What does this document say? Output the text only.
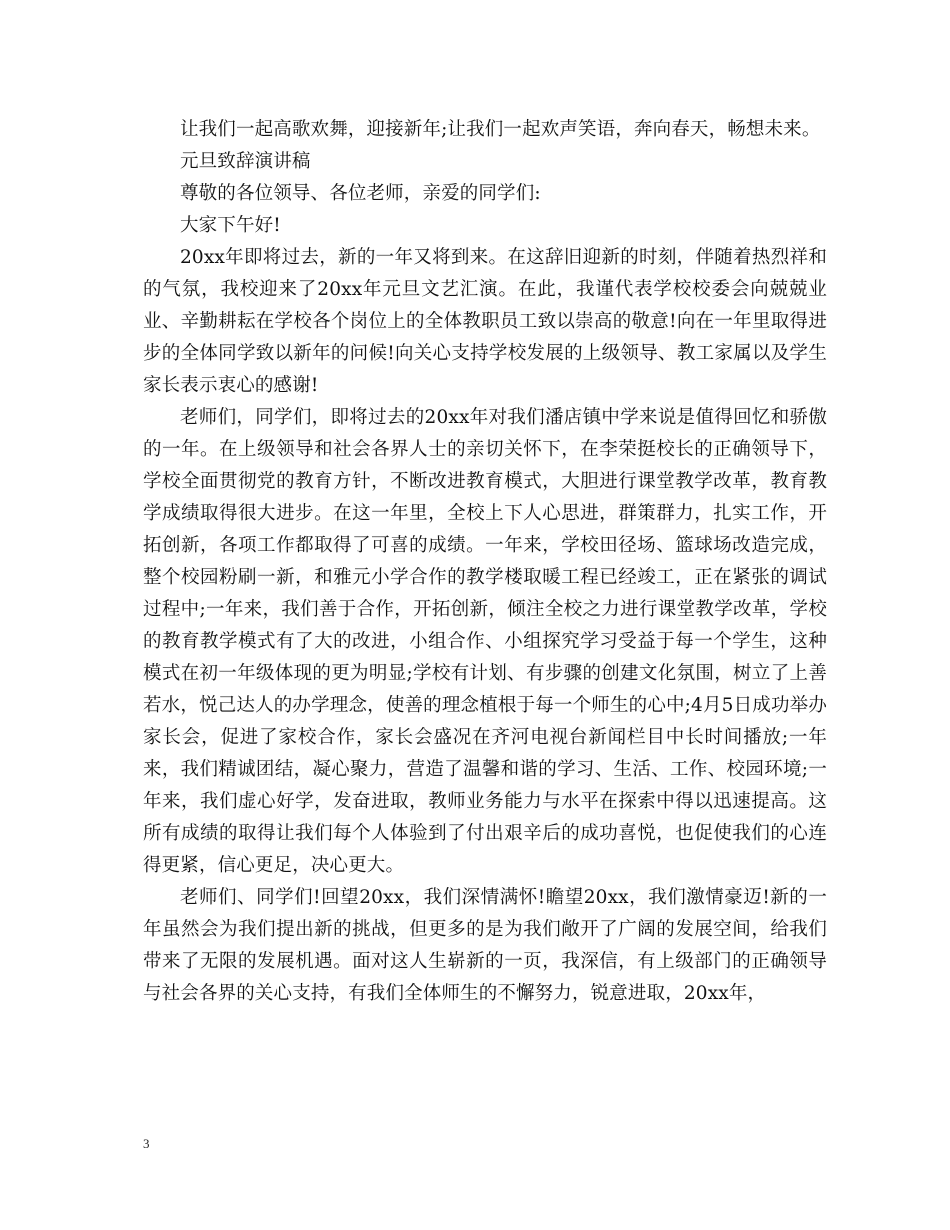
让我们一起高歌欢舞，迎接新年;让我们一起欢声笑语，奔向春天，畅想未来。

元旦致辞演讲稿

尊敬的各位领导、各位老师，亲爱的同学们:

大家下午好!

20xx年即将过去，新的一年又将到来。在这辞旧迎新的时刻，伴随着热烈祥和的气氛，我校迎来了20xx年元旦文艺汇演。在此，我谨代表学校校委会向兢兢业业、辛勤耕耘在学校各个岗位上的全体教职员工致以崇高的敬意!向在一年里取得进步的全体同学致以新年的问候!向关心支持学校发展的上级领导、教工家属以及学生家长表示衷心的感谢!

老师们，同学们，即将过去的20xx年对我们潘店镇中学来说是值得回忆和骄傲的一年。在上级领导和社会各界人士的亲切关怀下，在李荣挺校长的正确领导下，学校全面贯彻党的教育方针，不断改进教育模式，大胆进行课堂教学改革，教育教学成绩取得很大进步。在这一年里，全校上下人心思进，群策群力，扎实工作，开拓创新，各项工作都取得了可喜的成绩。一年来，学校田径场、篮球场改造完成，整个校园粉刷一新，和雅元小学合作的教学楼取暖工程已经竣工，正在紧张的调试过程中;一年来，我们善于合作，开拓创新，倾注全校之力进行课堂教学改革，学校的教育教学模式有了大的改进，小组合作、小组探究学习受益于每一个学生，这种模式在初一年级体现的更为明显;学校有计划、有步骤的创建文化氛围，树立了上善若水，悦己达人的办学理念，使善的理念植根于每一个师生的心中;4月5日成功举办家长会，促进了家校合作，家长会盛况在齐河电视台新闻栏目中长时间播放;一年来，我们精诚团结，凝心聚力，营造了温馨和谐的学习、生活、工作、校园环境;一年来，我们虚心好学，发奋进取，教师业务能力与水平在探索中得以迅速提高。这所有成绩的取得让我们每个人体验到了付出艰辛后的成功喜悦，也促使我们的心连得更紧，信心更足，决心更大。

老师们、同学们!回望20xx，我们深情满怀!瞻望20xx，我们激情豪迈!新的一年虽然会为我们提出新的挑战，但更多的是为我们敞开了广阔的发展空间，给我们带来了无限的发展机遇。面对这人生崭新的一页，我深信，有上级部门的正确领导与社会各界的关心支持，有我们全体师生的不懈努力，锐意进取，20xx年，

3
